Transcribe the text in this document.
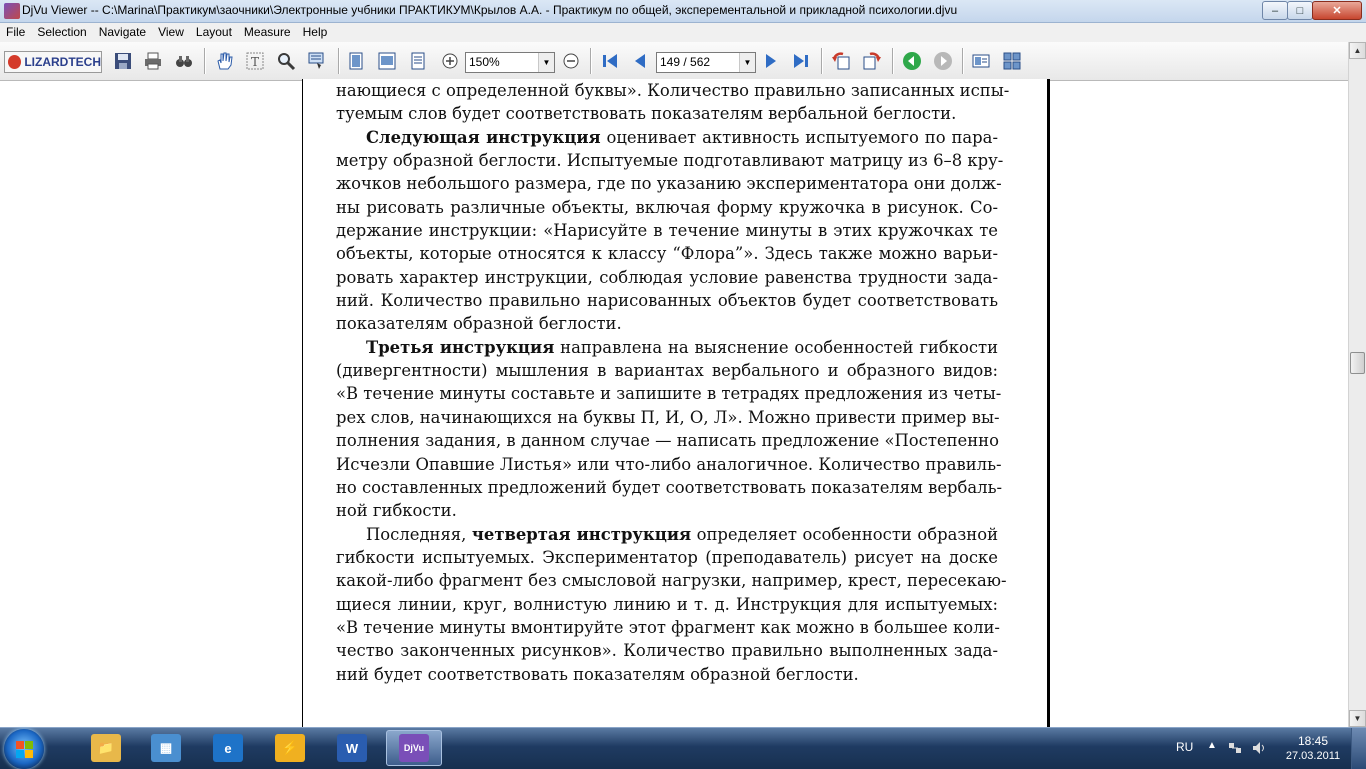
DjVu Viewer -- C:\Marina\Практикум\заочники\Электронные учбники ПРАКТИКУМ\Крылов А.А. - Практикум по общей, эксперементальной и прикладной психологии.djvu	–	□	✕
File	Selection	Navigate	View	Layout	Measure	Help
LIZARDTECH	T	150%	▼	149 / 562	▼
нающиеся с определенной буквы». Количество правильно записанных испы-
туемым слов будет соответствовать показателям вербальной беглости.
Следующая инструкция оценивает активность испытуемого по пара-
метру образной беглости. Испытуемые подготавливают матрицу из 6–8 кру-
жочков небольшого размера, где по указанию экспериментатора они долж-
ны рисовать различные объекты, включая форму кружочка в рисунок. Со-
держание инструкции: «Нарисуйте в течение минуты в этих кружочках те
объекты, которые относятся к классу “Флора”». Здесь также можно варьи-
ровать характер инструкции, соблюдая условие равенства трудности зада-
ний. Количество правильно нарисованных объектов будет соответствовать
показателям образной беглости.
Третья инструкция направлена на выяснение особенностей гибкости
(дивергентности) мышления в вариантах вербального и образного видов:
«В течение минуты составьте и запишите в тетрадях предложения из четы-
рех слов, начинающихся на буквы П, И, О, Л». Можно привести пример вы-
полнения задания, в данном случае — написать предложение «Постепенно
Исчезли Опавшие Листья» или что-либо аналогичное. Количество правиль-
но составленных предложений будет соответствовать показателям вербаль-
ной гибкости.
Последняя, четвертая инструкция определяет особенности образной
гибкости испытуемых. Экспериментатор (преподаватель) рисует на доске
какой-либо фрагмент без смысловой нагрузки, например, крест, пересекаю-
щиеся линии, круг, волнистую линию и т. д. Инструкция для испытуемых:
«В течение минуты вмонтируйте этот фрагмент как можно в большее коли-
чество законченных рисунков». Количество правильно выполненных зада-
ний будет соответствовать показателям образной беглости.
▲
▼
📁	▦	e	⚡	W	DjVu	RU ▲	18:45
27.03.2011
